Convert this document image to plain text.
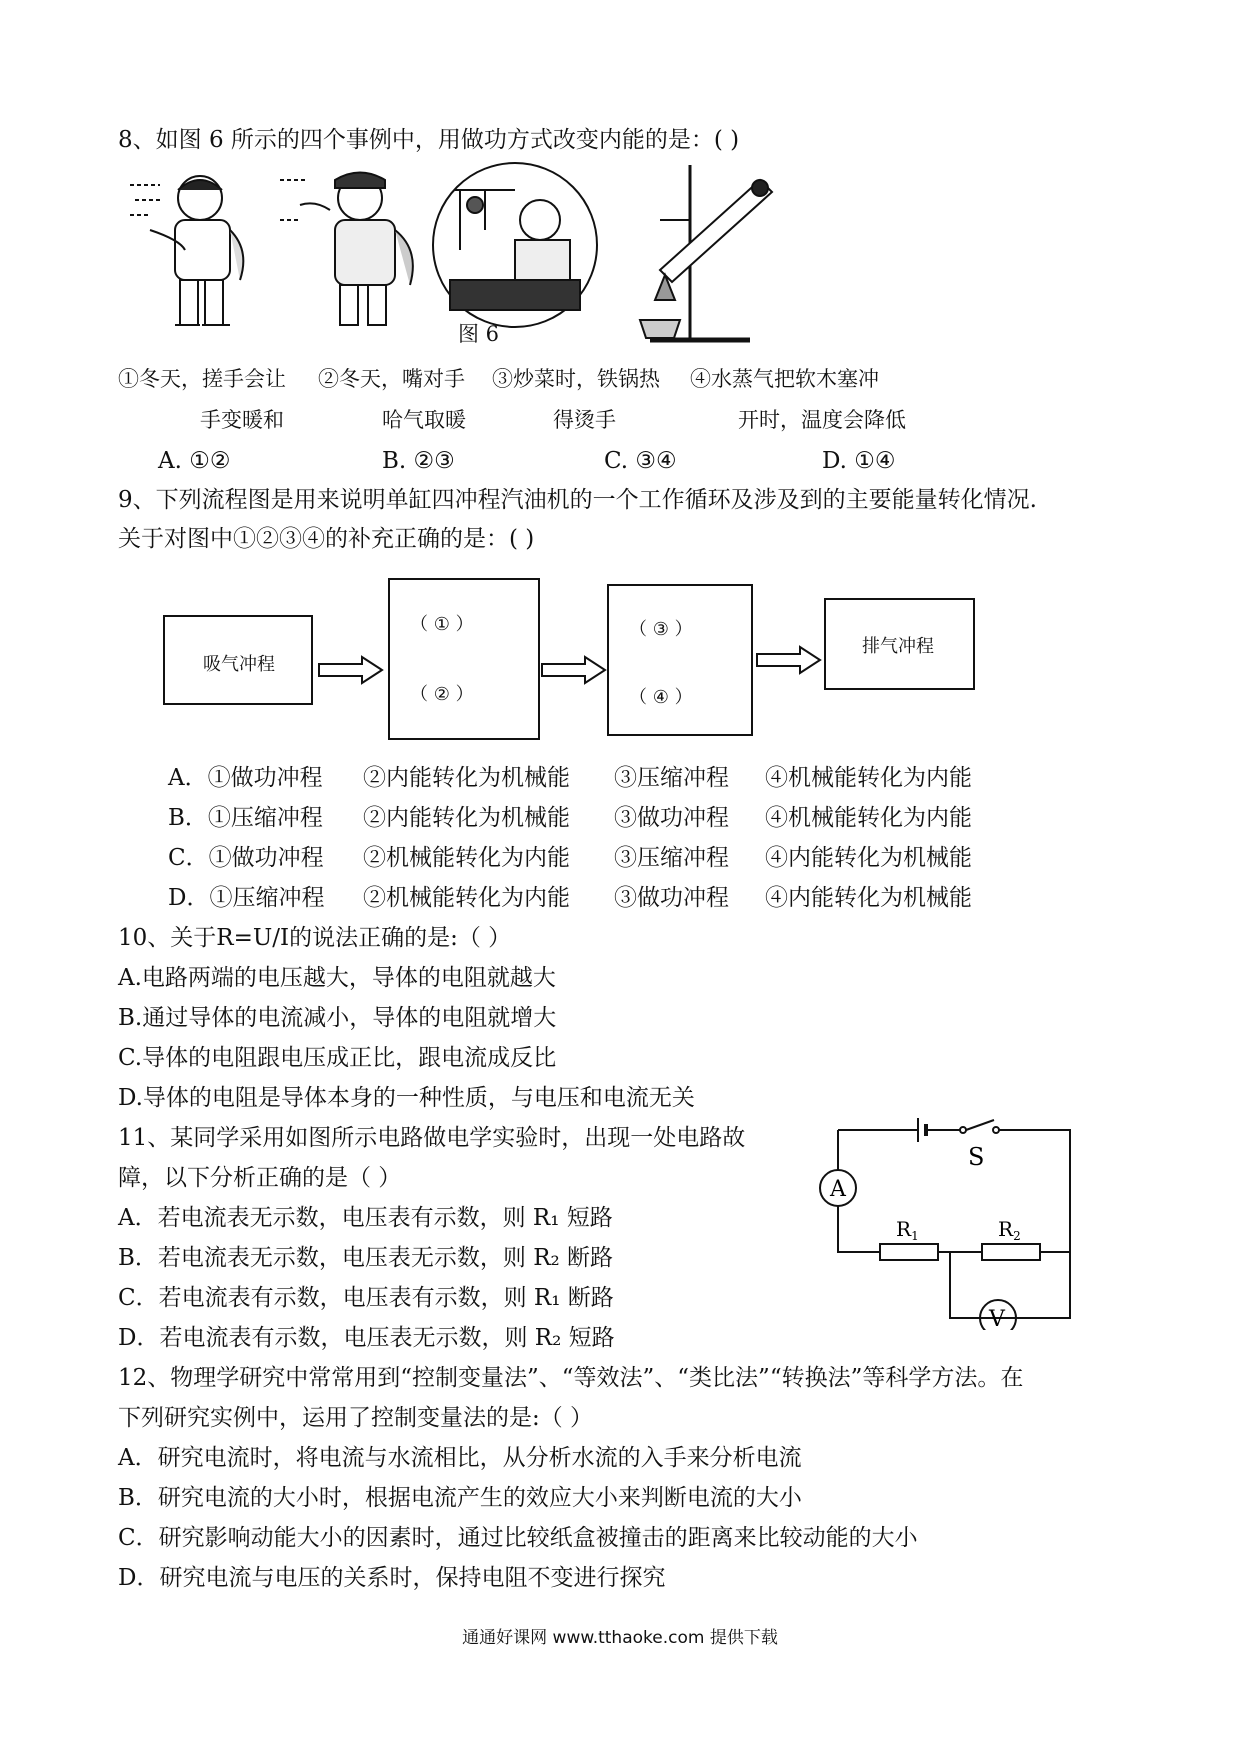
8、如图 6 所示的四个事例中，用做功方式改变内能的是：( )
图 6
①冬天，搓手会让 ②冬天，嘴对手 ③炒菜时，铁锅热 ④水蒸气把软木塞冲
手变暖和	哈气取暖	得烫手	开时，温度会降低
A. ①②	B. ②③	C. ③④	D. ①④
9、下列流程图是用来说明单缸四冲程汽油机的一个工作循环及涉及到的主要能量转化情况.
关于对图中①②③④的补充正确的是：( )
吸气冲程
（ ① ）
（ ② ）
（ ③ ）
（ ④ ）
排气冲程
A．①做功冲程 ②内能转化为机械能 ③压缩冲程 ④机械能转化为内能
B．①压缩冲程 ②内能转化为机械能 ③做功冲程 ④机械能转化为内能
C．①做功冲程 ②机械能转化为内能 ③压缩冲程 ④内能转化为机械能
D．①压缩冲程 ②机械能转化为内能 ③做功冲程 ④内能转化为机械能
10、关于R=U/I的说法正确的是:（ ）
A.电路两端的电压越大，导体的电阻就越大
B.通过导体的电流减小，导体的电阻就增大
C.导体的电阻跟电压成正比，跟电流成反比
D.导体的电阻是导体本身的一种性质，与电压和电流无关
11、某同学采用如图所示电路做电学实验时，出现一处电路故
障，以下分析正确的是（ ）
A．若电流表无示数，电压表有示数，则 R₁ 短路
B．若电流表无示数，电压表无示数，则 R₂ 断路
C．若电流表有示数，电压表有示数，则 R₁ 断路
D．若电流表有示数，电压表无示数，则 R₂ 短路
A
V
S
$R_1$	$R_2$
12、物理学研究中常常用到“控制变量法”、“等效法”、“类比法”“转换法”等科学方法。在
下列研究实例中，运用了控制变量法的是:（ ）
A．研究电流时，将电流与水流相比，从分析水流的入手来分析电流
B．研究电流的大小时，根据电流产生的效应大小来判断电流的大小
C．研究影响动能大小的因素时，通过比较纸盒被撞击的距离来比较动能的大小
D．研究电流与电压的关系时，保持电阻不变进行探究
通通好课网 www.tthaoke.com 提供下载
